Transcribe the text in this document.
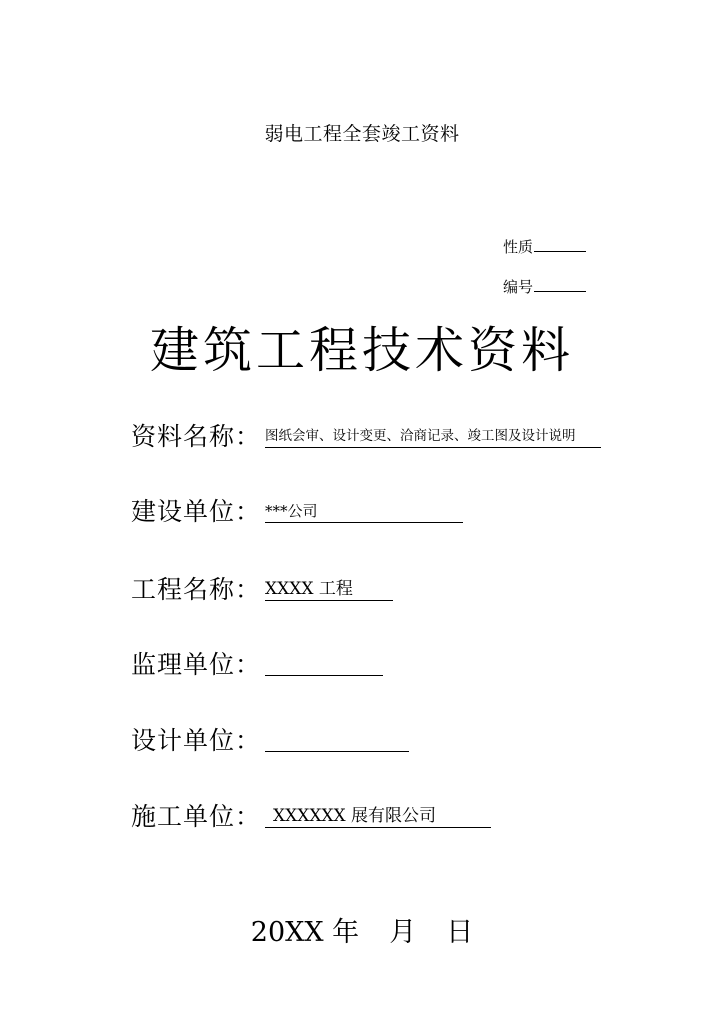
弱电工程全套竣工资料
性质
编号
建筑工程技术资料
资料名称： 图纸会审、设计变更、洽商记录、竣工图及设计说明
建设单位： ***公司
工程名称： XXXX 工程
监理单位：
设计单位：
施工单位： XXXXXX 展有限公司
20XX 年 月 日
